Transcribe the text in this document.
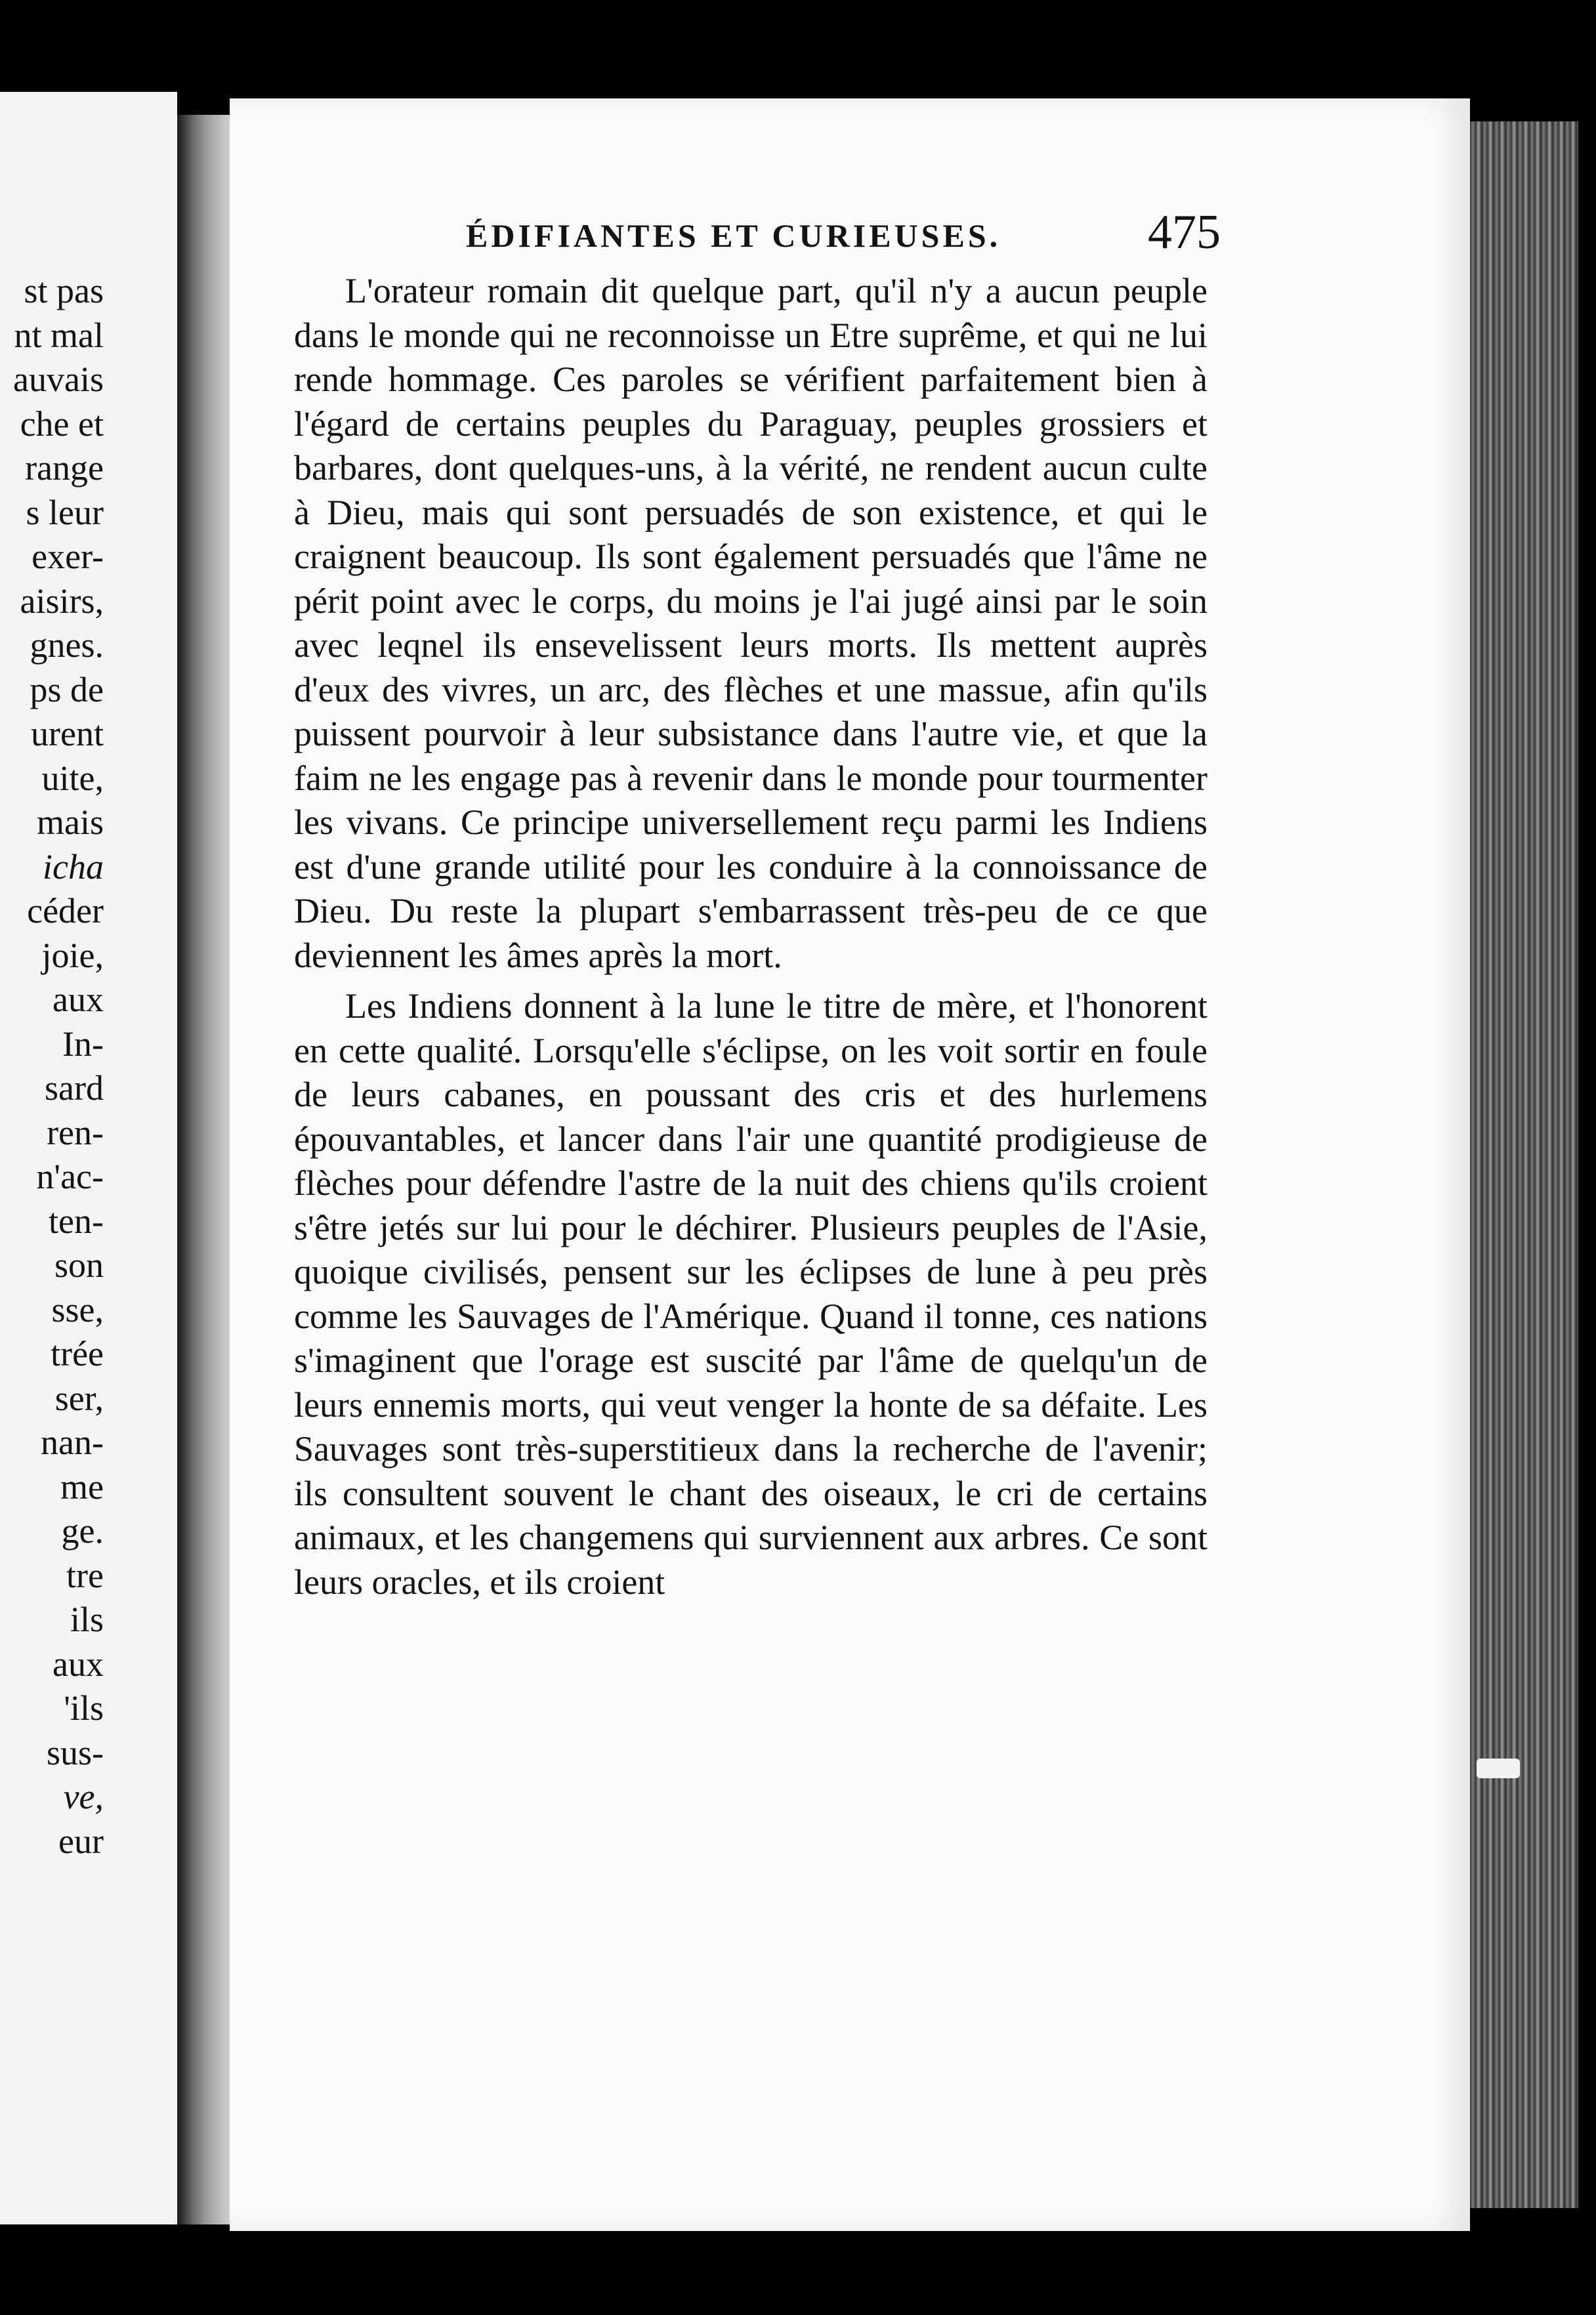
st pas
nt mal
auvais
che et
range
s leur
exer-
aisirs,
gnes.
ps de
urent
uite,
mais
icha
céder
joie,
aux
In-
sard
ren-
n'ac-
ten-
son
sse,
trée
ser,
nan-
me
ge.
tre
ils
aux
'ils
sus-
ve,
eur
ÉDIFIANTES ET CURIEUSES.	475

L'orateur romain dit quelque part, qu'il n'y a aucun peuple dans le monde qui ne reconnoisse un Etre suprême, et qui ne lui rende hommage. Ces paroles se vérifient parfaitement bien à l'égard de certains peuples du Paraguay, peuples grossiers et barbares, dont quelques-uns, à la vérité, ne rendent aucun culte à Dieu, mais qui sont persuadés de son existence, et qui le craignent beaucoup. Ils sont également persuadés que l'âme ne périt point avec le corps, du moins je l'ai jugé ainsi par le soin avec leqnel ils ensevelissent leurs morts. Ils mettent auprès d'eux des vivres, un arc, des flèches et une massue, afin qu'ils puissent pourvoir à leur subsistance dans l'autre vie, et que la faim ne les engage pas à revenir dans le monde pour tourmenter les vivans. Ce principe universellement reçu parmi les Indiens est d'une grande utilité pour les conduire à la connoissance de Dieu. Du reste la plupart s'embarrassent très-peu de ce que deviennent les âmes après la mort.

Les Indiens donnent à la lune le titre de mère, et l'honorent en cette qualité. Lorsqu'elle s'éclipse, on les voit sortir en foule de leurs cabanes, en poussant des cris et des hurlemens épouvantables, et lancer dans l'air une quantité prodigieuse de flèches pour défendre l'astre de la nuit des chiens qu'ils croient s'être jetés sur lui pour le déchirer. Plusieurs peuples de l'Asie, quoique civilisés, pensent sur les éclipses de lune à peu près comme les Sauvages de l'Amérique. Quand il tonne, ces nations s'imaginent que l'orage est suscité par l'âme de quelqu'un de leurs ennemis morts, qui veut venger la honte de sa défaite. Les Sauvages sont très-superstitieux dans la recherche de l'avenir; ils consultent souvent le chant des oiseaux, le cri de certains animaux, et les changemens qui surviennent aux arbres. Ce sont leurs oracles, et ils croient
